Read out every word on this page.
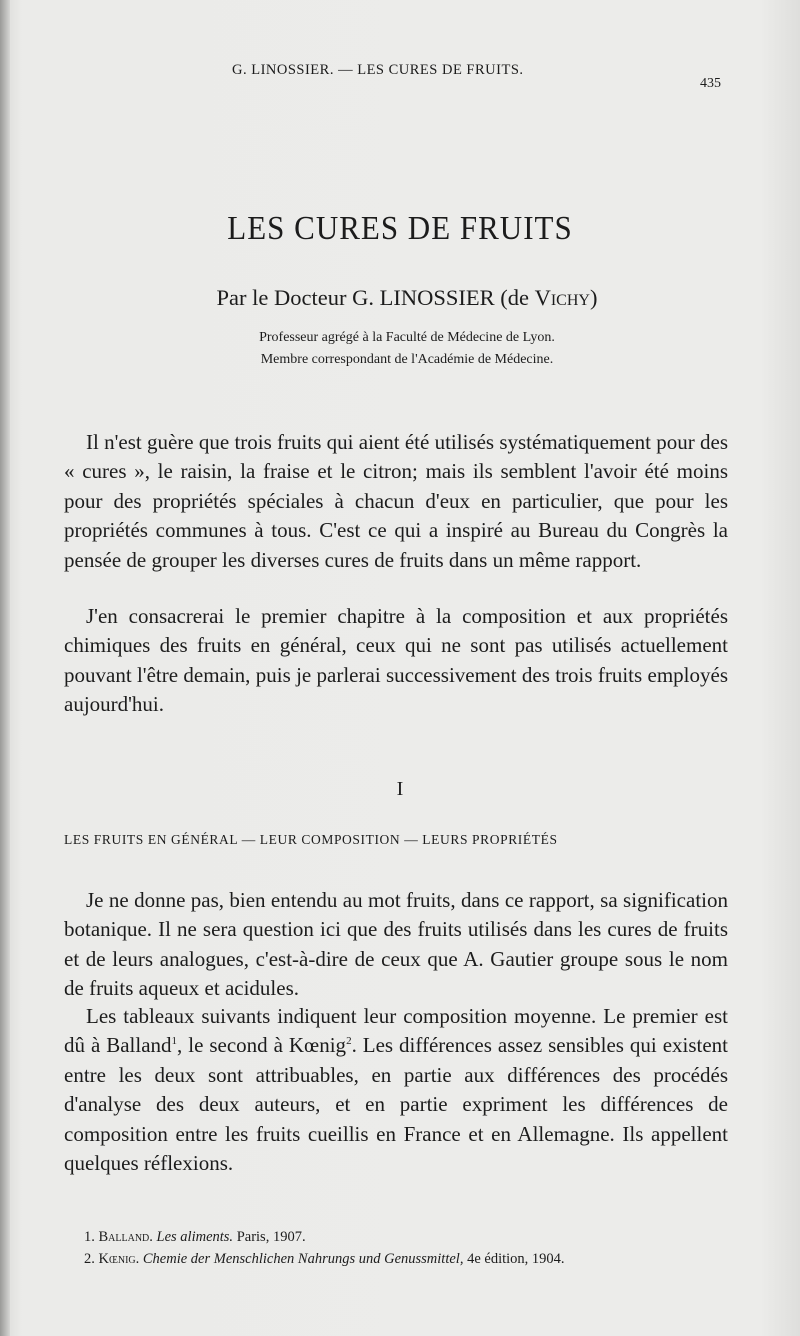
G. LINOSSIER. — LES CURES DE FRUITS.
435
LES CURES DE FRUITS
Par le Docteur G. LINOSSIER (de Vichy)
Professeur agrégé à la Faculté de Médecine de Lyon.
Membre correspondant de l'Académie de Médecine.

Il n'est guère que trois fruits qui aient été utilisés systématiquement pour des « cures », le raisin, la fraise et le citron; mais ils semblent l'avoir été moins pour des propriétés spéciales à chacun d'eux en particulier, que pour les propriétés communes à tous. C'est ce qui a inspiré au Bureau du Congrès la pensée de grouper les diverses cures de fruits dans un même rapport.

J'en consacrerai le premier chapitre à la composition et aux propriétés chimiques des fruits en général, ceux qui ne sont pas utilisés actuellement pouvant l'être demain, puis je parlerai successivement des trois fruits employés aujourd'hui.

I
LES FRUITS EN GÉNÉRAL — LEUR COMPOSITION — LEURS PROPRIÉTÉS

Je ne donne pas, bien entendu au mot fruits, dans ce rapport, sa signification botanique. Il ne sera question ici que des fruits utilisés dans les cures de fruits et de leurs analogues, c'est-à-dire de ceux que A. Gautier groupe sous le nom de fruits aqueux et acidules.

Les tableaux suivants indiquent leur composition moyenne. Le premier est dû à Balland$^1$, le second à Kœnig$^2$. Les différences assez sensibles qui existent entre les deux sont attribuables, en partie aux différences des procédés d'analyse des deux auteurs, et en partie expriment les différences de composition entre les fruits cueillis en France et en Allemagne. Ils appellent quelques réflexions.

1. Balland. Les aliments. Paris, 1907.

2. Kœnig. Chemie der Menschlichen Nahrungs und Genussmittel, 4e édition, 1904.
